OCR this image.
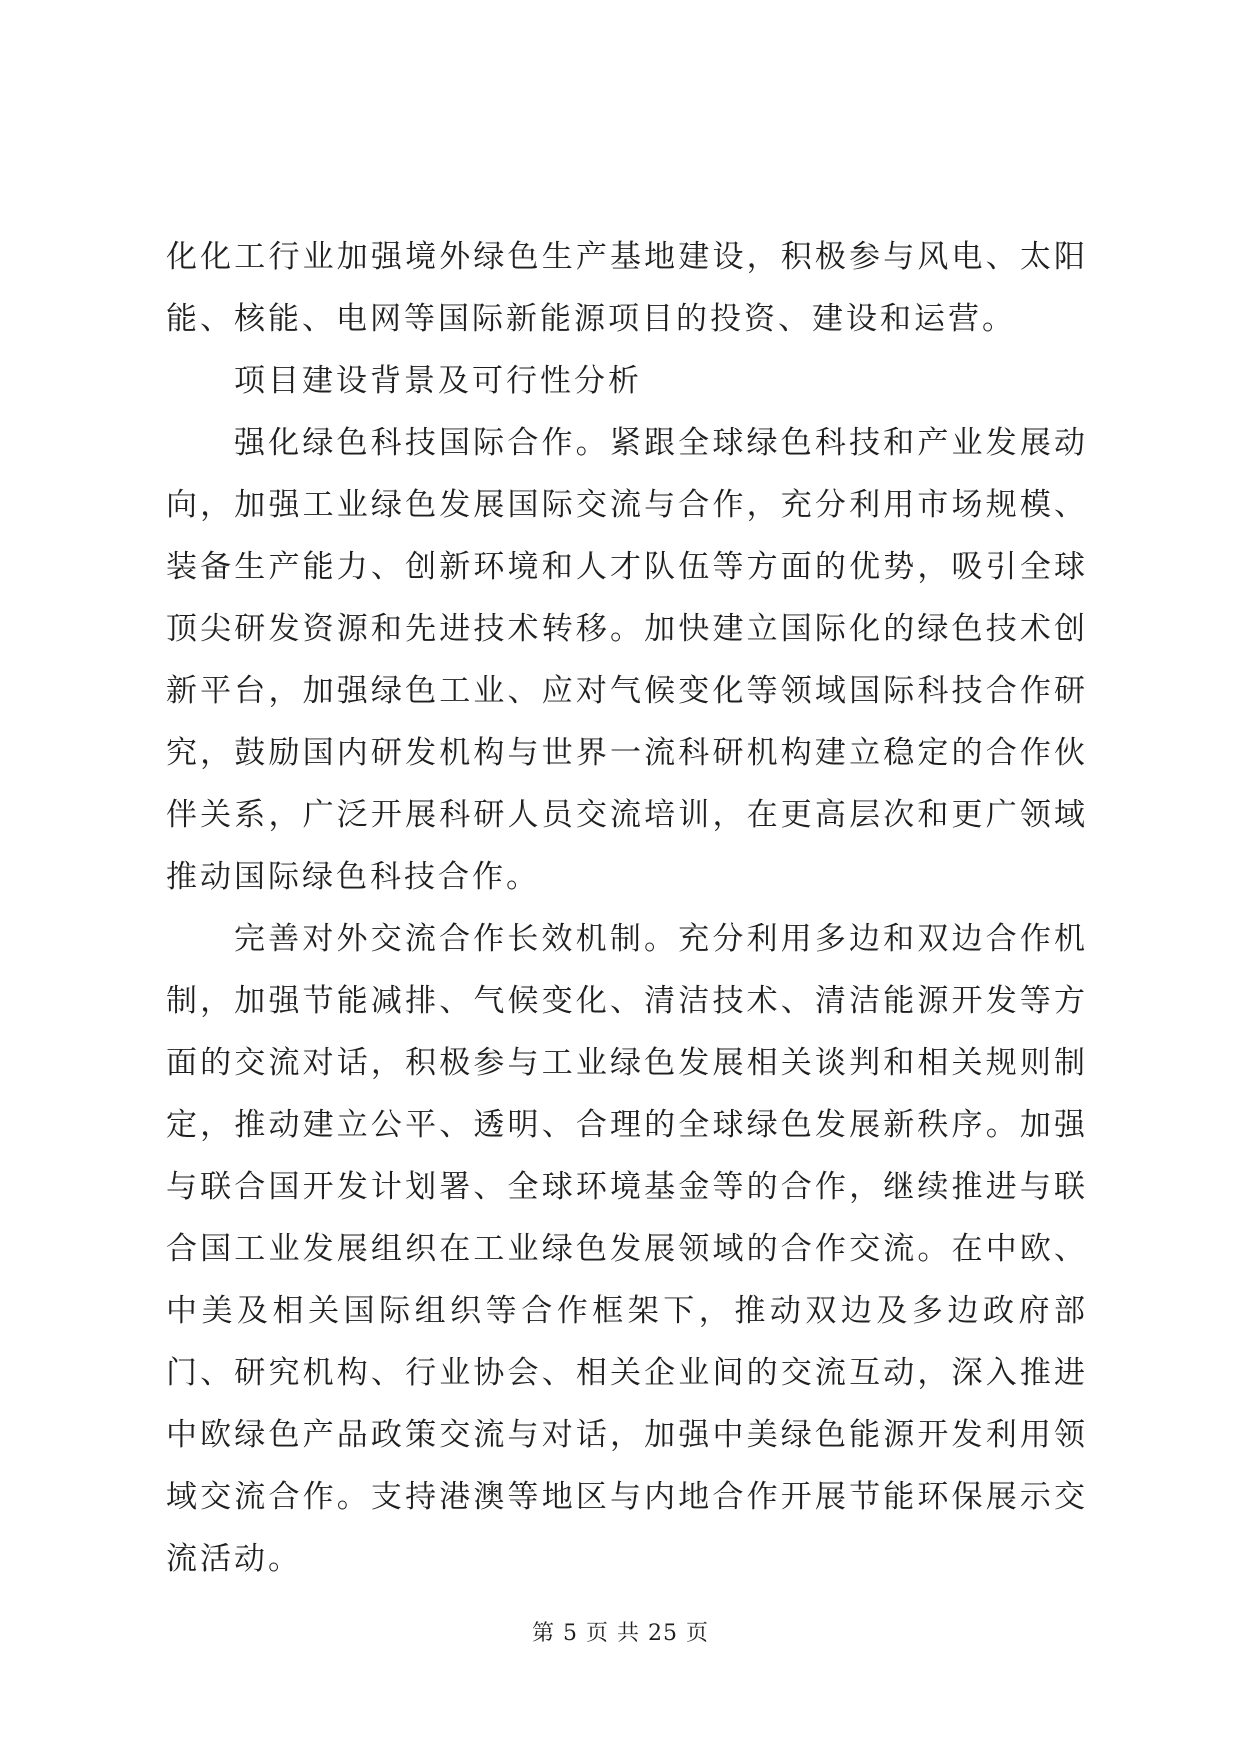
化化工行业加强境外绿色生产基地建设，积极参与风电、太阳能、核能、电网等国际新能源项目的投资、建设和运营。

项目建设背景及可行性分析

强化绿色科技国际合作。紧跟全球绿色科技和产业发展动向，加强工业绿色发展国际交流与合作，充分利用市场规模、装备生产能力、创新环境和人才队伍等方面的优势，吸引全球顶尖研发资源和先进技术转移。加快建立国际化的绿色技术创新平台，加强绿色工业、应对气候变化等领域国际科技合作研究，鼓励国内研发机构与世界一流科研机构建立稳定的合作伙伴关系，广泛开展科研人员交流培训，在更高层次和更广领域推动国际绿色科技合作。

完善对外交流合作长效机制。充分利用多边和双边合作机制，加强节能减排、气候变化、清洁技术、清洁能源开发等方面的交流对话，积极参与工业绿色发展相关谈判和相关规则制定，推动建立公平、透明、合理的全球绿色发展新秩序。加强与联合国开发计划署、全球环境基金等的合作，继续推进与联合国工业发展组织在工业绿色发展领域的合作交流。在中欧、中美及相关国际组织等合作框架下，推动双边及多边政府部门、研究机构、行业协会、相关企业间的交流互动，深入推进中欧绿色产品政策交流与对话，加强中美绿色能源开发利用领域交流合作。支持港澳等地区与内地合作开展节能环保展示交流活动。

第 5 页 共 25 页
